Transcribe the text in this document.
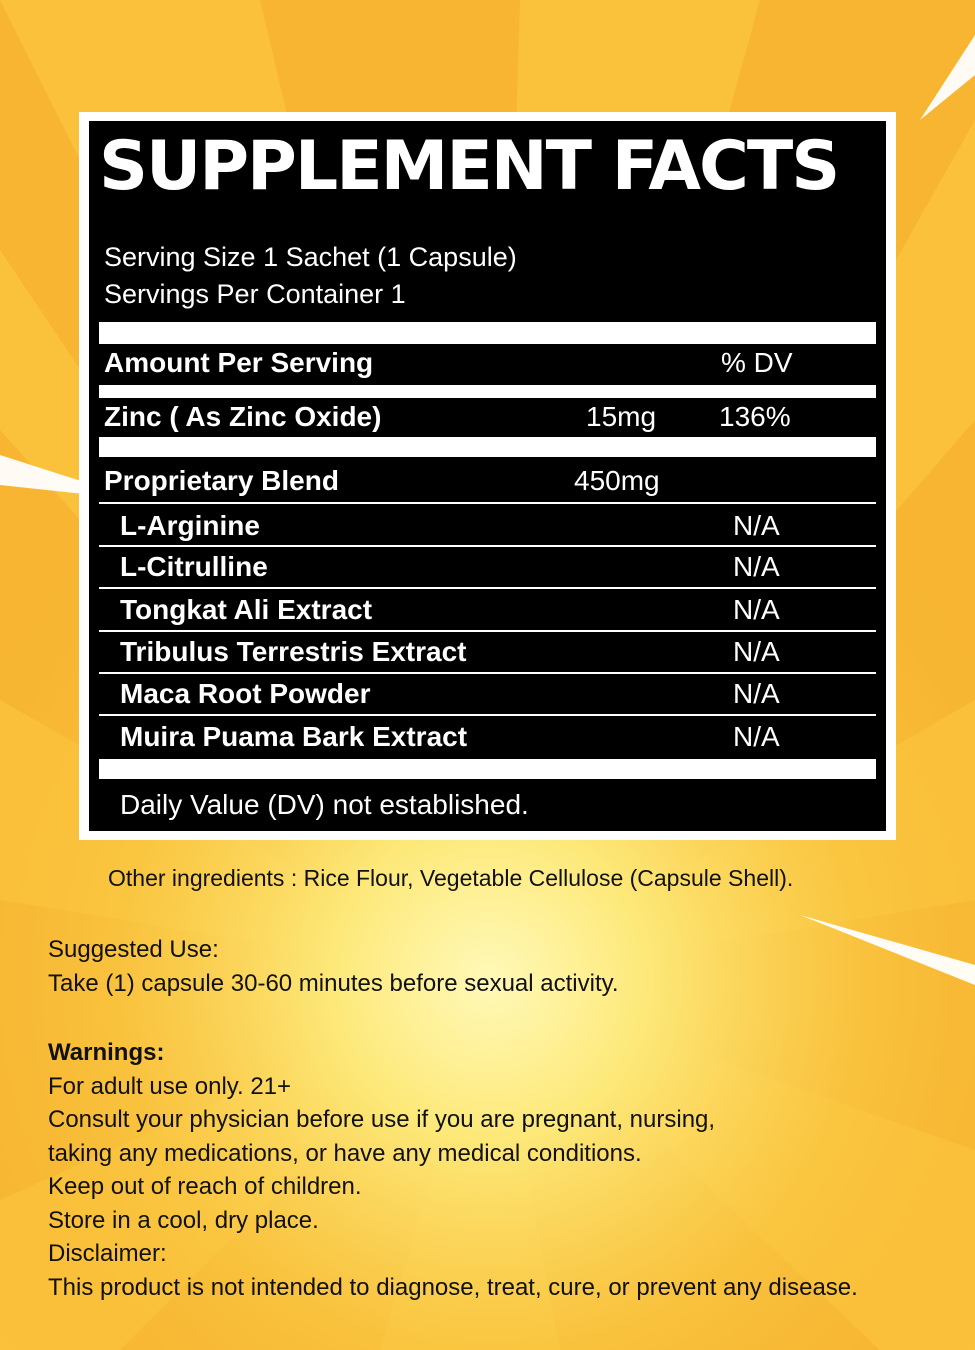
SUPPLEMENT FACTS
Serving Size 1 Sachet (1 Capsule)
Servings Per Container 1
Amount Per Serving	% DV
Zinc ( As Zinc Oxide)	15mg 136%
Proprietary Blend	450mg
L-Arginine	N/A
L-Citrulline	N/A
Tongkat Ali Extract	N/A
Tribulus Terrestris Extract	N/A
Maca Root Powder	N/A
Muira Puama Bark Extract	N/A
Daily Value (DV) not established.
Other ingredients : Rice Flour, Vegetable Cellulose (Capsule Shell).
Suggested Use:
Take (1) capsule 30-60 minutes before sexual activity.
Warnings:
For adult use only. 21+
Consult your physician before use if you are pregnant, nursing,
taking any medications, or have any medical conditions.
Keep out of reach of children.
Store in a cool, dry place.
Disclaimer:
This product is not intended to diagnose, treat, cure, or prevent any disease.
